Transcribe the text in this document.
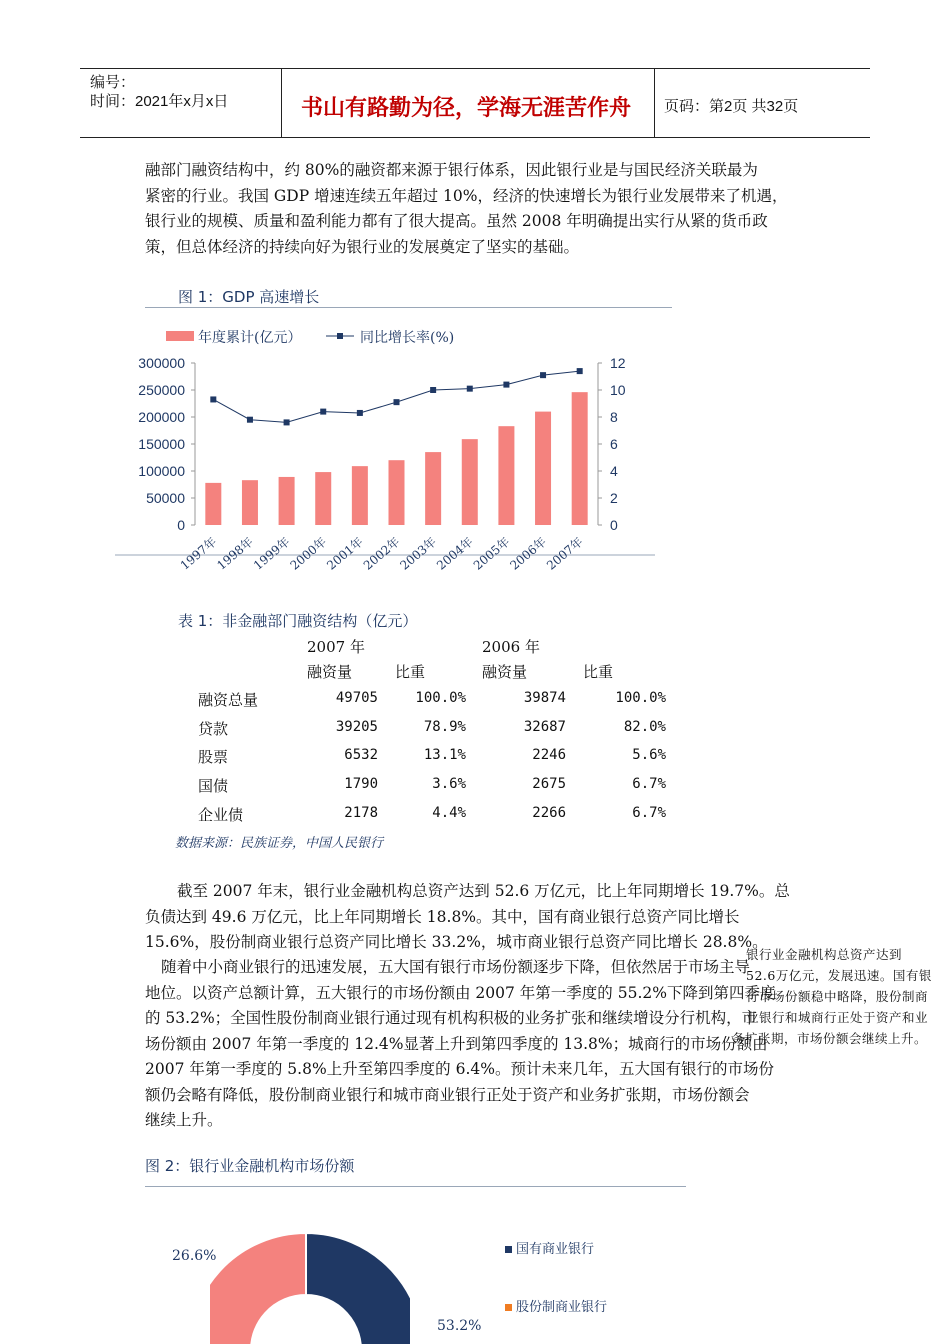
编号：
时间：2021年x月x日	书山有路勤为径，学海无涯苦作舟 页码：第2页 共32页
融部门融资结构中，约 80%的融资都来源于银行体系，因此银行业是与国民经济关联最为
紧密的行业。我国 GDP 增速连续五年超过 10%，经济的快速增长为银行业发展带来了机遇，
银行业的规模、质量和盈利能力都有了很大提高。虽然 2008 年明确提出实行从紧的货币政
策，但总体经济的持续向好为银行业的发展奠定了坚实的基础。
图 1：GDP 高速增长
年度累计(亿元）	同比增长率(%)
300000
250000
200000
150000
100000
50000
0
12
10
8
6
4
2
0
1997年
1998年
1999年
2000年
2001年
2002年
2003年
2004年
2005年
2006年
2007年
表 1：非金融部门融资结构（亿元）
2007 年	2006 年
融资量	比重	融资量	比重
融资总量	49705	100.0%	39874	100.0%
贷款	39205	78.9%	32687	82.0%
股票	6532	13.1%	2246	5.6%
国债	1790	3.6%	2675	6.7%
企业债	2178	4.4%	2266	6.7%
数据来源：民族证券，中国人民银行
截至 2007 年末，银行业金融机构总资产达到 52.6 万亿元，比上年同期增长 19.7%。总
负债达到 49.6 万亿元，比上年同期增长 18.8%。其中，国有商业银行总资产同比增长
15.6%，股份制商业银行总资产同比增长 33.2%，城市商业银行总资产同比增长 28.8%。
随着中小商业银行的迅速发展，五大国有银行市场份额逐步下降，但依然居于市场主导
地位。以资产总额计算，五大银行的市场份额由 2007 年第一季度的 55.2%下降到第四季度
的 53.2%；全国性股份制商业银行通过现有机构积极的业务扩张和继续增设分行机构，市
场份额由 2007 年第一季度的 12.4%显著上升到第四季度的 13.8%；城商行的市场份额由
2007 年第一季度的 5.8%上升至第四季度的 6.4%。预计未来几年，五大国有银行的市场份
额仍会略有降低，股份制商业银行和城市商业银行正处于资产和业务扩张期，市场份额会
继续上升。
银行业金融机构总资产达到
52.6万亿元，发展迅速。国有银
行市场份额稳中略降，股份制商
业银行和城商行正处于资产和业
务扩张期，市场份额会继续上升。
图 2：银行业金融机构市场份额
26.6%
53.2%
国有商业银行
股份制商业银行
